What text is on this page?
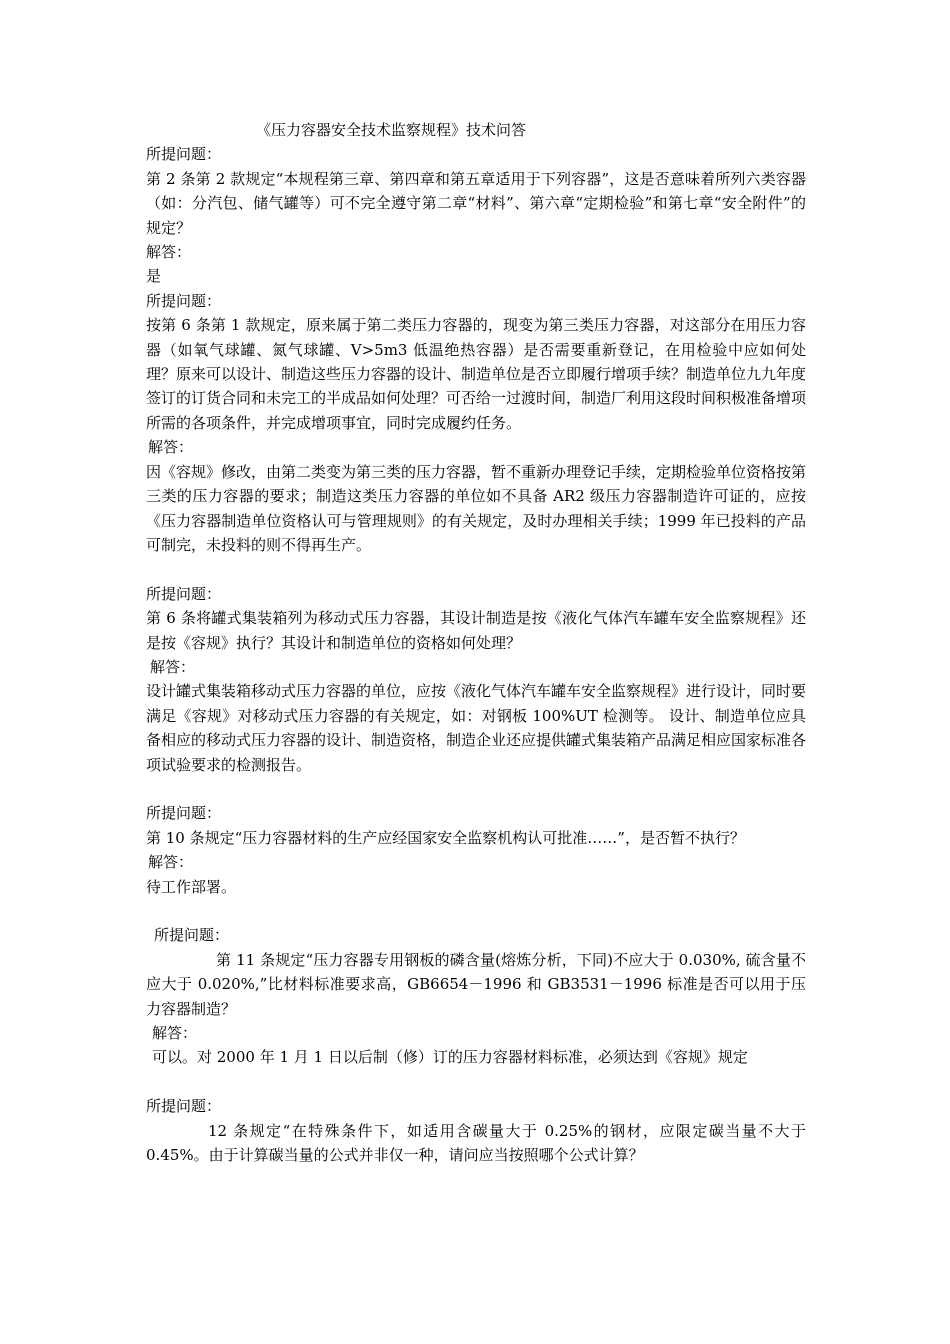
《压力容器安全技术监察规程》技术问答

所提问题：

第 2 条第 2 款规定“本规程第三章、第四章和第五章适用于下列容器”，这是否意味着所列六类容器（如：分汽包、储气罐等）可不完全遵守第二章“材料”、第六章“定期检验”和第七章“安全附件”的规定？

解答：

是

所提问题：

按第 6 条第 1 款规定，原来属于第二类压力容器的，现变为第三类压力容器，对这部分在用压力容器（如氧气球罐、氮气球罐、V>5m3 低温绝热容器）是否需要重新登记，在用检验中应如何处理？原来可以设计、制造这些压力容器的设计、制造单位是否立即履行增项手续？制造单位九九年度签订的订货合同和未完工的半成品如何处理？可否给一过渡时间，制造厂利用这段时间积极准备增项所需的各项条件，并完成增项事宜，同时完成履约任务。

解答：

因《容规》修改，由第二类变为第三类的压力容器，暂不重新办理登记手续，定期检验单位资格按第三类的压力容器的要求；制造这类压力容器的单位如不具备 AR2 级压力容器制造许可证的，应按《压力容器制造单位资格认可与管理规则》的有关规定，及时办理相关手续；1999 年已投料的产品可制完，未投料的则不得再生产。

所提问题：

第 6 条将罐式集装箱列为移动式压力容器，其设计制造是按《液化气体汽车罐车安全监察规程》还是按《容规》执行？其设计和制造单位的资格如何处理？
解答：

设计罐式集装箱移动式压力容器的单位，应按《液化气体汽车罐车安全监察规程》进行设计，同时要满足《容规》对移动式压力容器的有关规定，如：对钢板 100%UT 检测等。 设计、制造单位应具备相应的移动式压力容器的设计、制造资格，制造企业还应提供罐式集装箱产品满足相应国家标准各项试验要求的检测报告。

所提问题：

第 10 条规定“压力容器材料的生产应经国家安全监察机构认可批准……”，是否暂不执行？

解答：

待工作部署。

所提问题：

第 11 条规定“压力容器专用钢板的磷含量(熔炼分析，下同)不应大于 0.030%, 硫含量不应大于 0.020%,”比材料标准要求高，GB6654－1996 和 GB3531－1996 标准是否可以用于压力容器制造？

解答：

可以。对 2000 年 1 月 1 日以后制（修）订的压力容器材料标准，必须达到《容规》规定

所提问题：

12 条规定“在特殊条件下，如适用含碳量大于 0.25%的钢材，应限定碳当量不大于 0.45%。由于计算碳当量的公式并非仅一种，请问应当按照哪个公式计算？
